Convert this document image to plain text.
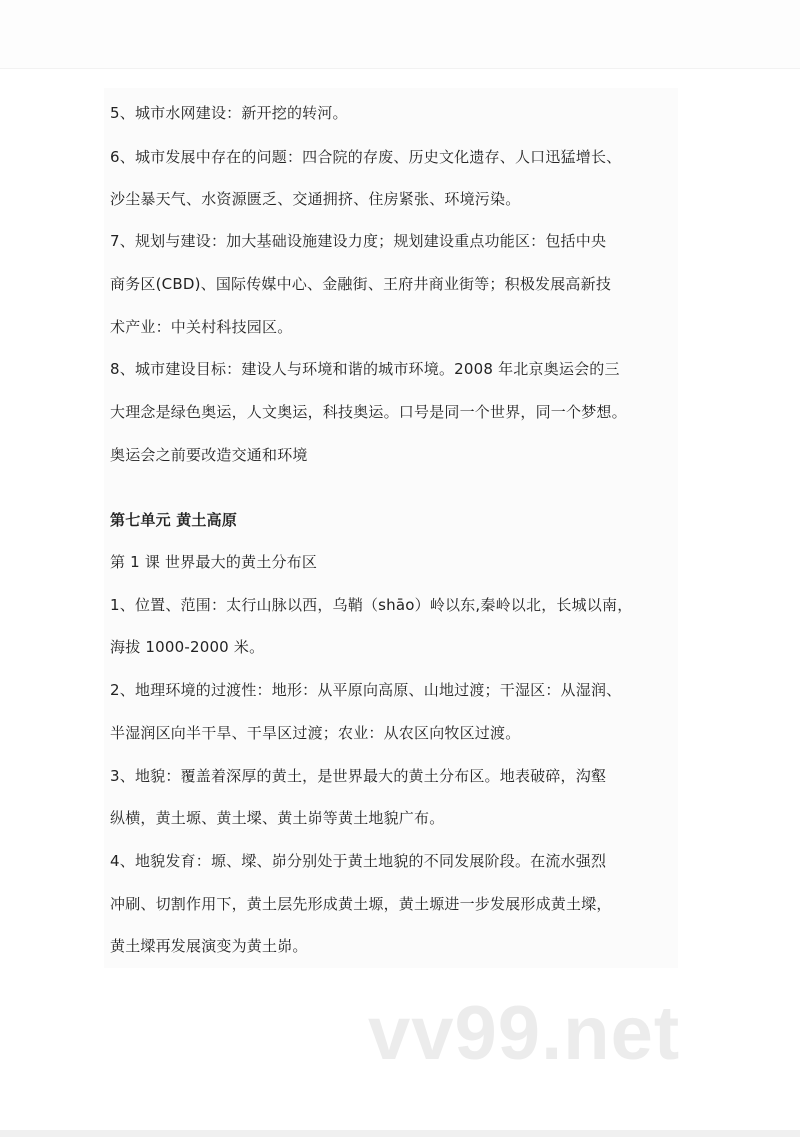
5、城市水网建设：新开挖的转河。
6、城市发展中存在的问题：四合院的存废、历史文化遗存、人口迅猛增长、
沙尘暴天气、水资源匮乏、交通拥挤、住房紧张、环境污染。
7、规划与建设：加大基础设施建设力度；规划建设重点功能区：包括中央
商务区(CBD)、国际传媒中心、金融街、王府井商业街等；积极发展高新技
术产业：中关村科技园区。
8、城市建设目标：建设人与环境和谐的城市环境。2008 年北京奥运会的三
大理念是绿色奥运，人文奥运，科技奥运。口号是同一个世界，同一个梦想。
奥运会之前要改造交通和环境
第七单元 黄土高原
第 1 课 世界最大的黄土分布区
1、位置、范围：太行山脉以西，乌鞘（shāo）岭以东,秦岭以北，长城以南，
海拔 1000-2000 米。
2、地理环境的过渡性：地形：从平原向高原、山地过渡；干湿区：从湿润、
半湿润区向半干旱、干旱区过渡；农业：从农区向牧区过渡。
3、地貌：覆盖着深厚的黄土，是世界最大的黄土分布区。地表破碎，沟壑
纵横，黄土塬、黄土墚、黄土峁等黄土地貌广布。
4、地貌发育：塬、墚、峁分别处于黄土地貌的不同发展阶段。在流水强烈
冲刷、切割作用下，黄土层先形成黄土塬，黄土塬进一步发展形成黄土墚，
黄土墚再发展演变为黄土峁。
vv99.net
